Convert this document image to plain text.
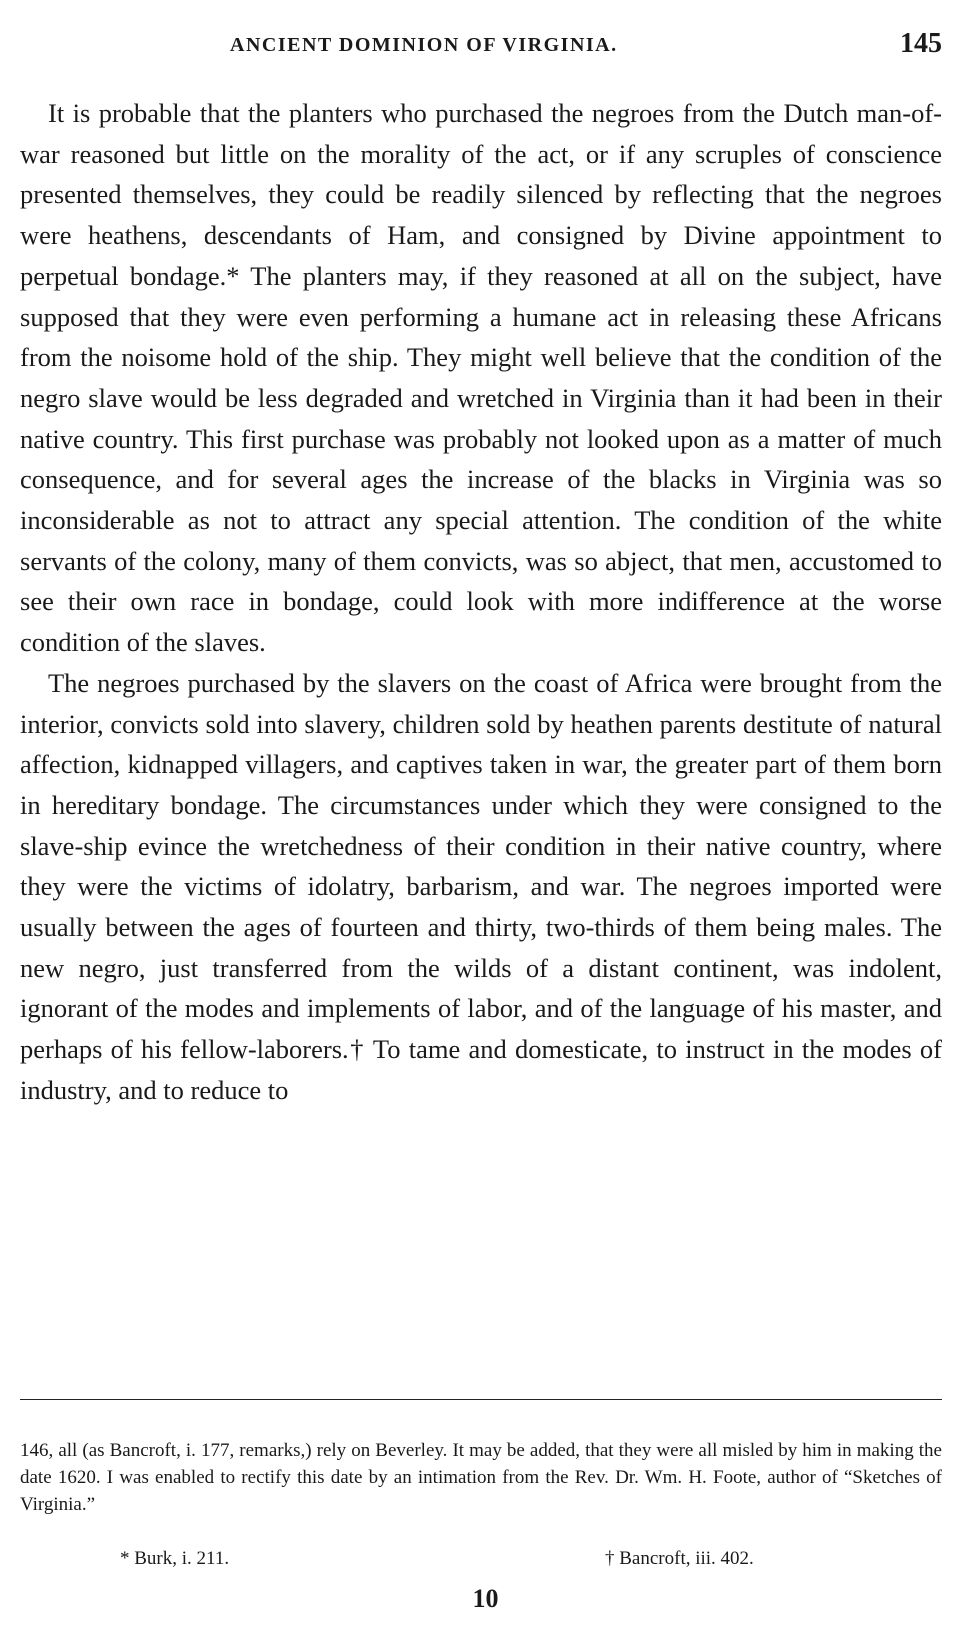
ANCIENT DOMINION OF VIRGINIA.	145

It is probable that the planters who purchased the negroes from the Dutch man-of-war reasoned but little on the morality of the act, or if any scruples of conscience presented themselves, they could be readily silenced by reflecting that the negroes were heathens, descendants of Ham, and consigned by Divine appointment to perpetual bondage.* The planters may, if they reasoned at all on the subject, have supposed that they were even performing a humane act in releasing these Africans from the noisome hold of the ship. They might well believe that the condition of the negro slave would be less degraded and wretched in Virginia than it had been in their native country. This first purchase was probably not looked upon as a matter of much consequence, and for several ages the increase of the blacks in Virginia was so inconsiderable as not to attract any special attention. The condition of the white servants of the colony, many of them convicts, was so abject, that men, accustomed to see their own race in bondage, could look with more indifference at the worse condition of the slaves.

The negroes purchased by the slavers on the coast of Africa were brought from the interior, convicts sold into slavery, children sold by heathen parents destitute of natural affection, kidnapped villagers, and captives taken in war, the greater part of them born in hereditary bondage. The circumstances under which they were consigned to the slave-ship evince the wretchedness of their condition in their native country, where they were the victims of idolatry, barbarism, and war. The negroes imported were usually between the ages of fourteen and thirty, two-thirds of them being males. The new negro, just transferred from the wilds of a distant continent, was indolent, ignorant of the modes and implements of labor, and of the language of his master, and perhaps of his fellow-laborers.† To tame and domesticate, to instruct in the modes of industry, and to reduce to

146, all (as Bancroft, i. 177, remarks,) rely on Beverley. It may be added, that they were all misled by him in making the date 1620. I was enabled to rectify this date by an intimation from the Rev. Dr. Wm. H. Foote, author of “Sketches of Virginia.”

* Burk, i. 211.	† Bancroft, iii. 402.
10
